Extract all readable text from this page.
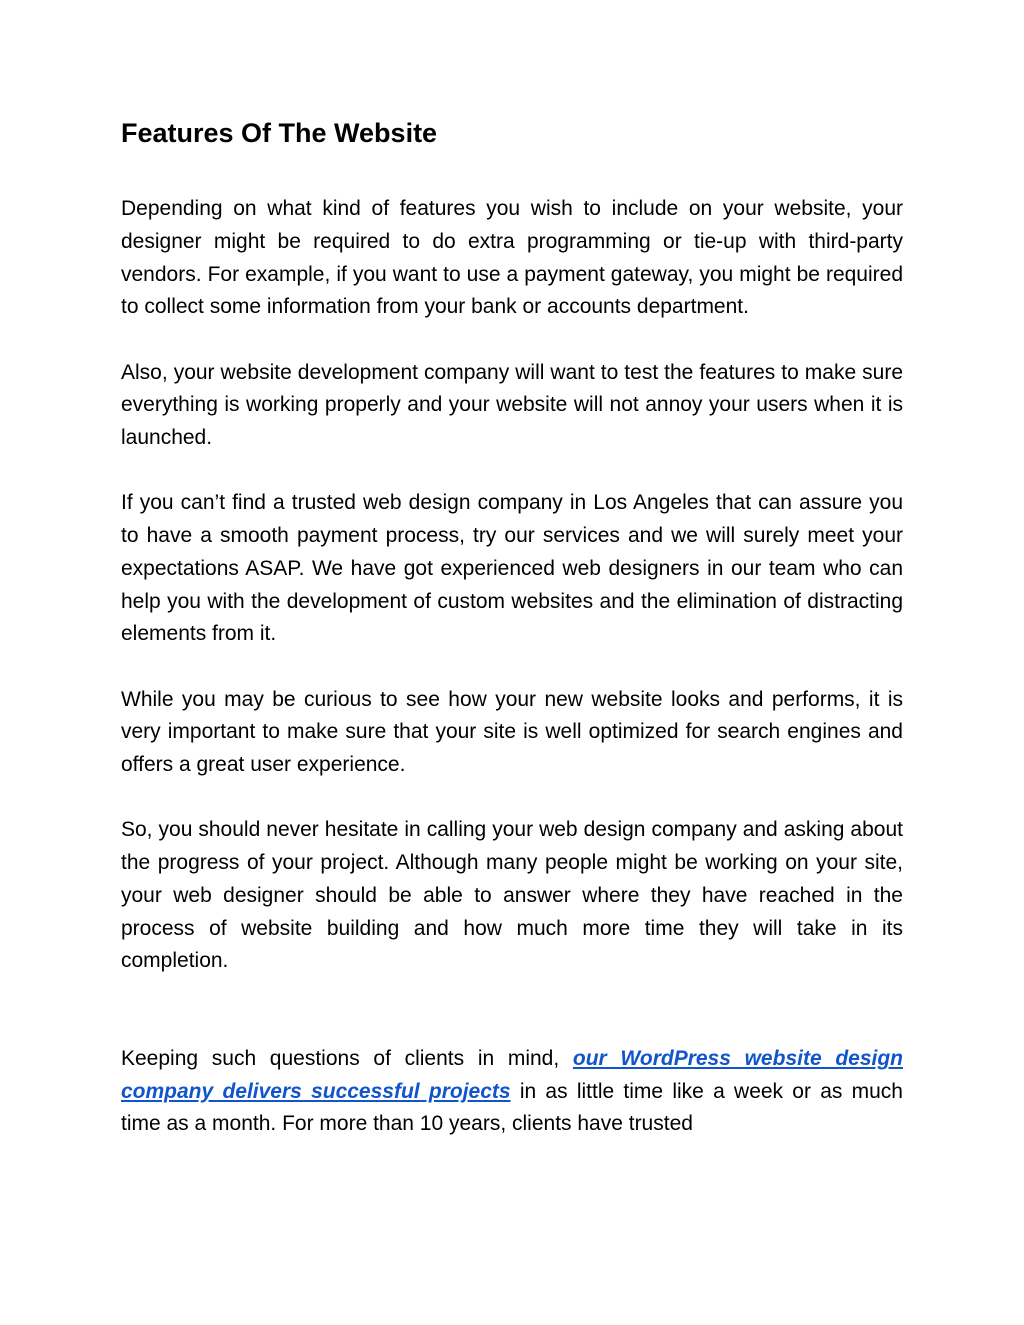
Features Of The Website

Depending on what kind of features you wish to include on your website, your designer might be required to do extra programming or tie-up with third-party vendors. For example, if you want to use a payment gateway, you might be required to collect some information from your bank or accounts department.

Also, your website development company will want to test the features to make sure everything is working properly and your website will not annoy your users when it is launched.

If you can’t find a trusted web design company in Los Angeles that can assure you to have a smooth payment process, try our services and we will surely meet your expectations ASAP. We have got experienced web designers in our team who can help you with the development of custom websites and the elimination of distracting elements from it.

While you may be curious to see how your new website looks and performs, it is very important to make sure that your site is well optimized for search engines and offers a great user experience.

So, you should never hesitate in calling your web design company and asking about the progress of your project. Although many people might be working on your site, your web designer should be able to answer where they have reached in the process of website building and how much more time they will take in its completion.

Keeping such questions of clients in mind, our WordPress website design company delivers successful projects in as little time like a week or as much time as a month. For more than 10 years, clients have trusted
